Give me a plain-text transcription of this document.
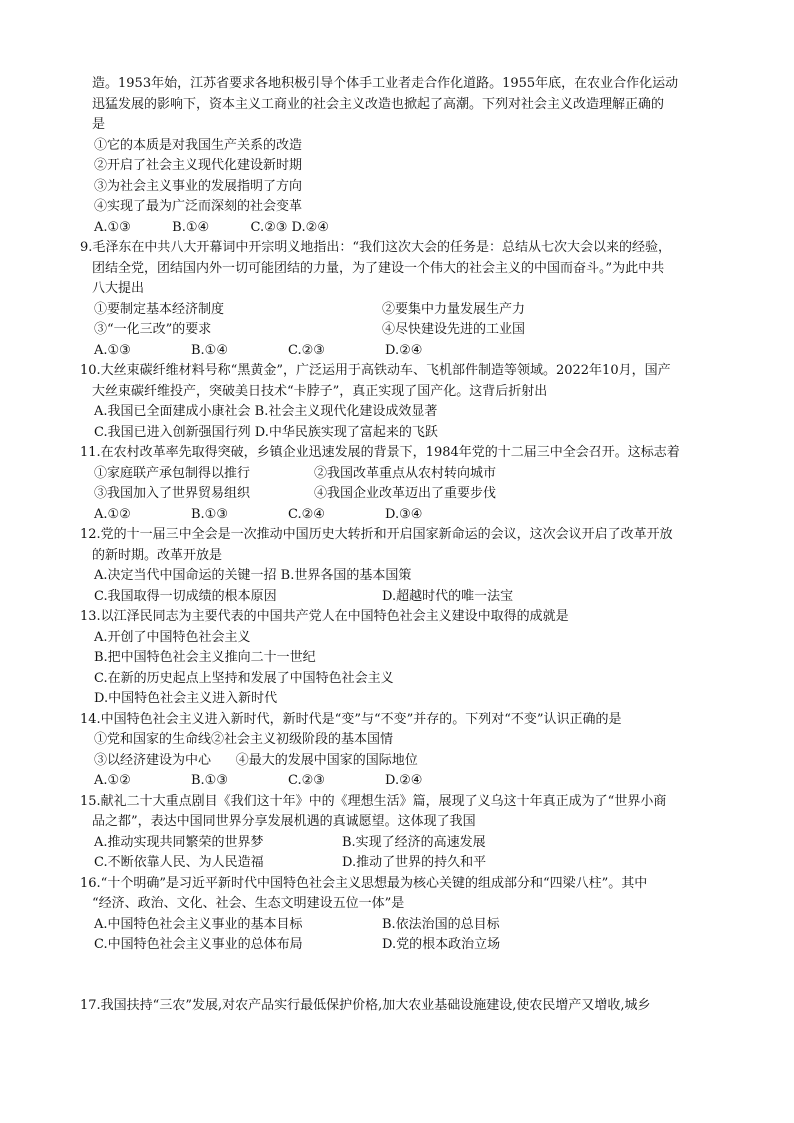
造。1953年始，江苏省要求各地积极引导个体手工业者走合作化道路。1955年底，在农业合作化运动
迅猛发展的影响下，资本主义工商业的社会主义改造也掀起了高潮。下列对社会主义改造理解正确的
是
①它的本质是对我国生产关系的改造
②开启了社会主义现代化建设新时期
③为社会主义事业的发展指明了方向
④实现了最为广泛而深刻的社会变革
A.①③          B.①④          C.②③ D.②④
9.毛泽东在中共八大开幕词中开宗明义地指出：“我们这次大会的任务是：总结从七次大会以来的经验，
团结全党，团结国内外一切可能团结的力量，为了建设一个伟大的社会主义的中国而奋斗。”为此中共
八大提出
①要制定基本经济制度	②要集中力量发展生产力
③“一化三改”的要求	④尽快建设先进的工业国
A.①③	B.①④	C.②③	D.②④
10.大丝束碳纤维材料号称“黑黄金”，广泛运用于高铁动车、飞机部件制造等领域。2022年10月，国产
大丝束碳纤维投产，突破美日技术“卡脖子”，真正实现了国产化。这背后折射出
A.我国已全面建成小康社会 B.社会主义现代化建设成效显著
C.我国已进入创新强国行列 D.中华民族实现了富起来的飞跃
11.在农村改革率先取得突破，乡镇企业迅速发展的背景下，1984年党的十二届三中全会召开。这标志着
①家庭联产承包制得以推行	②我国改革重点从农村转向城市
③我国加入了世界贸易组织	④我国企业改革迈出了重要步伐
A.①②	B.①③	C.②④	D.③④
12.党的十一届三中全会是一次推动中国历史大转折和开启国家新命运的会议，这次会议开启了改革开放
的新时期。改革开放是
A.决定当代中国命运的关键一招 B.世界各国的基本国策
C.我国取得一切成绩的根本原因	D.超越时代的唯一法宝
13.以江泽民同志为主要代表的中国共产党人在中国特色社会主义建设中取得的成就是
A.开创了中国特色社会主义
B.把中国特色社会主义推向二十一世纪
C.在新的历史起点上坚持和发展了中国特色社会主义
D.中国特色社会主义进入新时代
14.中国特色社会主义进入新时代，新时代是“变”与“不变”并存的。下列对“不变”认识正确的是
①党和国家的生命线②社会主义初级阶段的基本国情
③以经济建设为中心      ④最大的发展中国家的国际地位
A.①②	B.①③	C.②③	D.②④
15.献礼二十大重点剧目《我们这十年》中的《理想生活》篇，展现了义乌这十年真正成为了“世界小商
品之都”，表达中国同世界分享发展机遇的真诚愿望。这体现了我国
A.推动实现共同繁荣的世界梦	B.实现了经济的高速发展
C.不断依靠人民、为人民造福	D.推动了世界的持久和平
16.“十个明确”是习近平新时代中国特色社会主义思想最为核心关键的组成部分和“四梁八柱”。其中
“经济、政治、文化、社会、生态文明建设五位一体”是
A.中国特色社会主义事业的基本目标	B.依法治国的总目标
C.中国特色社会主义事业的总体布局	D.党的根本政治立场
17.我国扶持“三农”发展,对农产品实行最低保护价格,加大农业基础设施建设,使农民增产又增收,城乡
